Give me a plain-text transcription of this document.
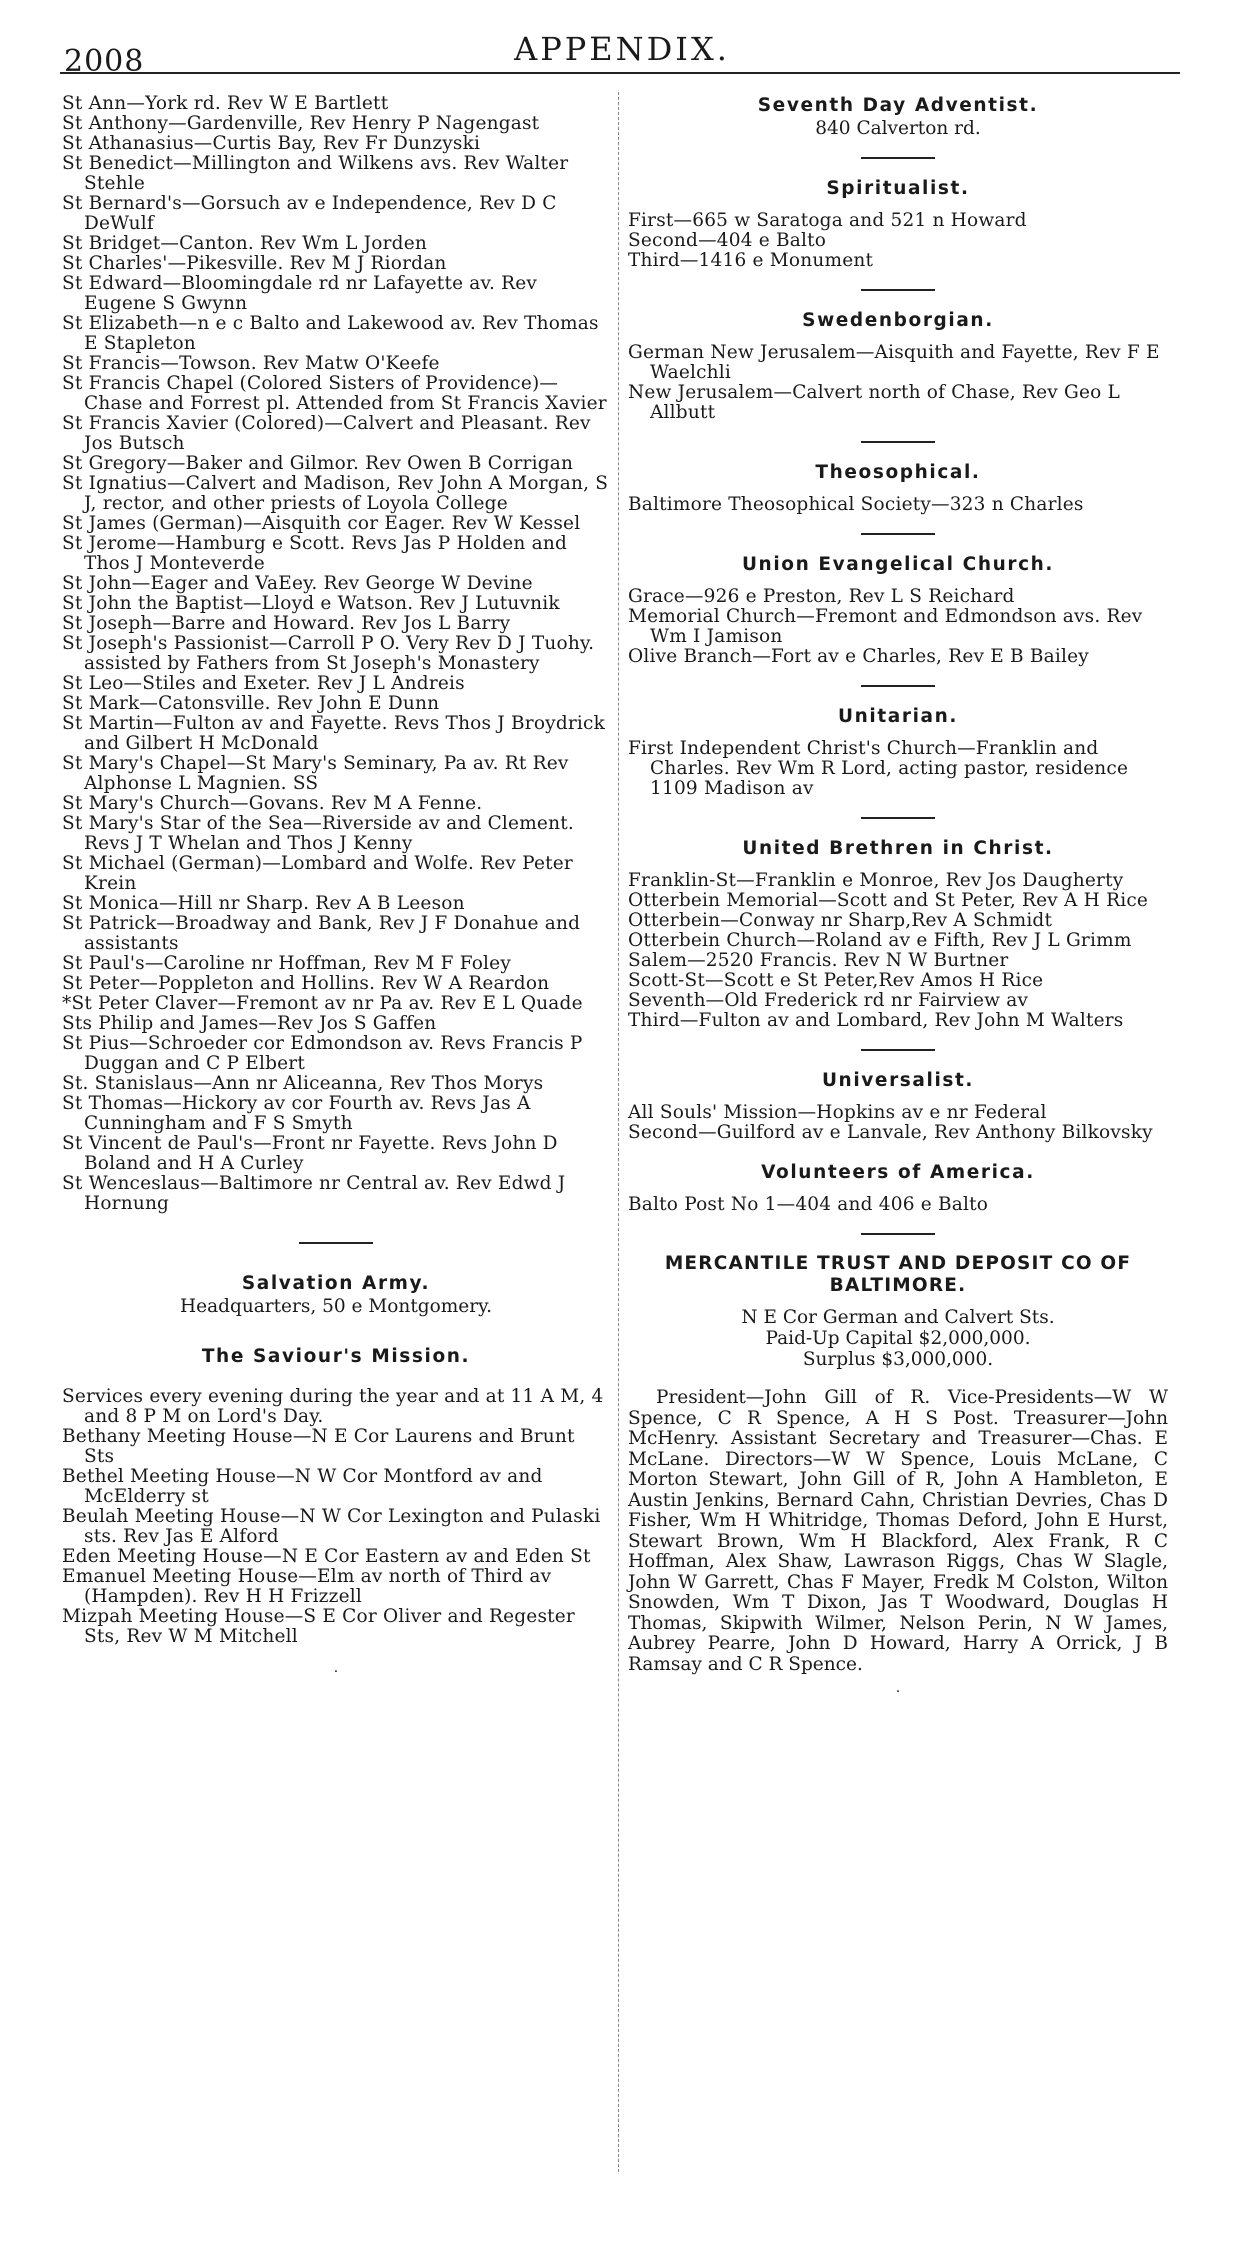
2008	APPENDIX.
St Ann—York rd. Rev W E Bartlett
St Anthony—Gardenville, Rev Henry P Nagengast
St Athanasius—Curtis Bay, Rev Fr Dunzyski
St Benedict—Millington and Wilkens avs. Rev Walter Stehle
St Bernard's—Gorsuch av e Independence, Rev D C DeWulf
St Bridget—Canton. Rev Wm L Jorden
St Charles'—Pikesville. Rev M J Riordan
St Edward—Bloomingdale rd nr Lafayette av. Rev Eugene S Gwynn
St Elizabeth—n e c Balto and Lakewood av. Rev Thomas E Stapleton
St Francis—Towson. Rev Matw O'Keefe
St Francis Chapel (Colored Sisters of Providence)—Chase and Forrest pl. Attended from St Francis Xavier
St Francis Xavier (Colored)—Calvert and Pleasant. Rev Jos Butsch
St Gregory—Baker and Gilmor. Rev Owen B Corrigan
St Ignatius—Calvert and Madison, Rev John A Morgan, S J, rector, and other priests of Loyola College
St James (German)—Aisquith cor Eager. Rev W Kessel
St Jerome—Hamburg e Scott. Revs Jas P Holden and Thos J Monteverde
St John—Eager and VaEey. Rev George W Devine
St John the Baptist—Lloyd e Watson. Rev J Lutuvnik
St Joseph—Barre and Howard. Rev Jos L Barry
St Joseph's Passionist—Carroll P O. Very Rev D J Tuohy. assisted by Fathers from St Joseph's Monastery
St Leo—Stiles and Exeter. Rev J L Andreis
St Mark—Catonsville. Rev John E Dunn
St Martin—Fulton av and Fayette. Revs Thos J Broydrick and Gilbert H McDonald
St Mary's Chapel—St Mary's Seminary, Pa av. Rt Rev Alphonse L Magnien. SS
St Mary's Church—Govans. Rev M A Fenne.
St Mary's Star of the Sea—Riverside av and Clement. Revs J T Whelan and Thos J Kenny
St Michael (German)—Lombard and Wolfe. Rev Peter Krein
St Monica—Hill nr Sharp. Rev A B Leeson
St Patrick—Broadway and Bank, Rev J F Donahue and assistants
St Paul's—Caroline nr Hoffman, Rev M F Foley
St Peter—Poppleton and Hollins. Rev W A Reardon
*St Peter Claver—Fremont av nr Pa av. Rev E L Quade
Sts Philip and James—Rev Jos S Gaffen
St Pius—Schroeder cor Edmondson av. Revs Francis P Duggan and C P Elbert
St. Stanislaus—Ann nr Aliceanna, Rev Thos Morys
St Thomas—Hickory av cor Fourth av. Revs Jas A Cunningham and F S Smyth
St Vincent de Paul's—Front nr Fayette. Revs John D Boland and H A Curley
St Wenceslaus—Baltimore nr Central av. Rev Edwd J Hornung
Salvation Army.
Headquarters, 50 e Montgomery.
The Saviour's Mission.
Services every evening during the year and at 11 A M, 4 and 8 P M on Lord's Day.
Bethany Meeting House—N E Cor Laurens and Brunt Sts
Bethel Meeting House—N W Cor Montford av and McElderry st
Beulah Meeting House—N W Cor Lexington and Pulaski sts. Rev Jas E Alford
Eden Meeting House—N E Cor Eastern av and Eden St
Emanuel Meeting House—Elm av north of Third av (Hampden). Rev H H Frizzell
Mizpah Meeting House—S E Cor Oliver and Regester Sts, Rev W M Mitchell
·
Seventh Day Adventist.
840 Calverton rd.
Spiritualist.
First—665 w Saratoga and 521 n Howard
Second—404 e Balto
Third—1416 e Monument
Swedenborgian.
German New Jerusalem—Aisquith and Fayette, Rev F E Waelchli
New Jerusalem—Calvert north of Chase, Rev Geo L Allbutt
Theosophical.
Baltimore Theosophical Society—323 n Charles
Union Evangelical Church.
Grace—926 e Preston, Rev L S Reichard
Memorial Church—Fremont and Edmondson avs. Rev Wm I Jamison
Olive Branch—Fort av e Charles, Rev E B Bailey
Unitarian.
First Independent Christ's Church—Franklin and Charles. Rev Wm R Lord, acting pastor, residence 1109 Madison av
United Brethren in Christ.
Franklin-St—Franklin e Monroe, Rev Jos Daugherty
Otterbein Memorial—Scott and St Peter, Rev A H Rice
Otterbein—Conway nr Sharp,Rev A Schmidt
Otterbein Church—Roland av e Fifth, Rev J L Grimm
Salem—2520 Francis. Rev N W Burtner
Scott-St—Scott e St Peter,Rev Amos H Rice
Seventh—Old Frederick rd nr Fairview av
Third—Fulton av and Lombard, Rev John M Walters
Universalist.
All Souls' Mission—Hopkins av e nr Federal
Second—Guilford av e Lanvale, Rev Anthony Bilkovsky
Volunteers of America.
Balto Post No 1—404 and 406 e Balto
MERCANTILE TRUST AND DEPOSIT CO OF BALTIMORE.
N E Cor German and Calvert Sts.
Paid-Up Capital $2,000,000.
Surplus $3,000,000.
President—John Gill of R. Vice-Presidents—W W Spence, C R Spence, A H S Post. Treasurer—John McHenry. Assistant Secretary and Treasurer—Chas. E McLane. Directors—W W Spence, Louis McLane, C Morton Stewart, John Gill of R, John A Hambleton, E Austin Jenkins, Bernard Cahn, Christian Devries, Chas D Fisher, Wm H Whitridge, Thomas Deford, John E Hurst, Stewart Brown, Wm H Blackford, Alex Frank, R C Hoffman, Alex Shaw, Lawrason Riggs, Chas W Slagle, John W Garrett, Chas F Mayer, Fredk M Colston, Wilton Snowden, Wm T Dixon, Jas T Woodward, Douglas H Thomas, Skipwith Wilmer, Nelson Perin, N W James, Aubrey Pearre, John D Howard, Harry A Orrick, J B Ramsay and C R Spence.
·
